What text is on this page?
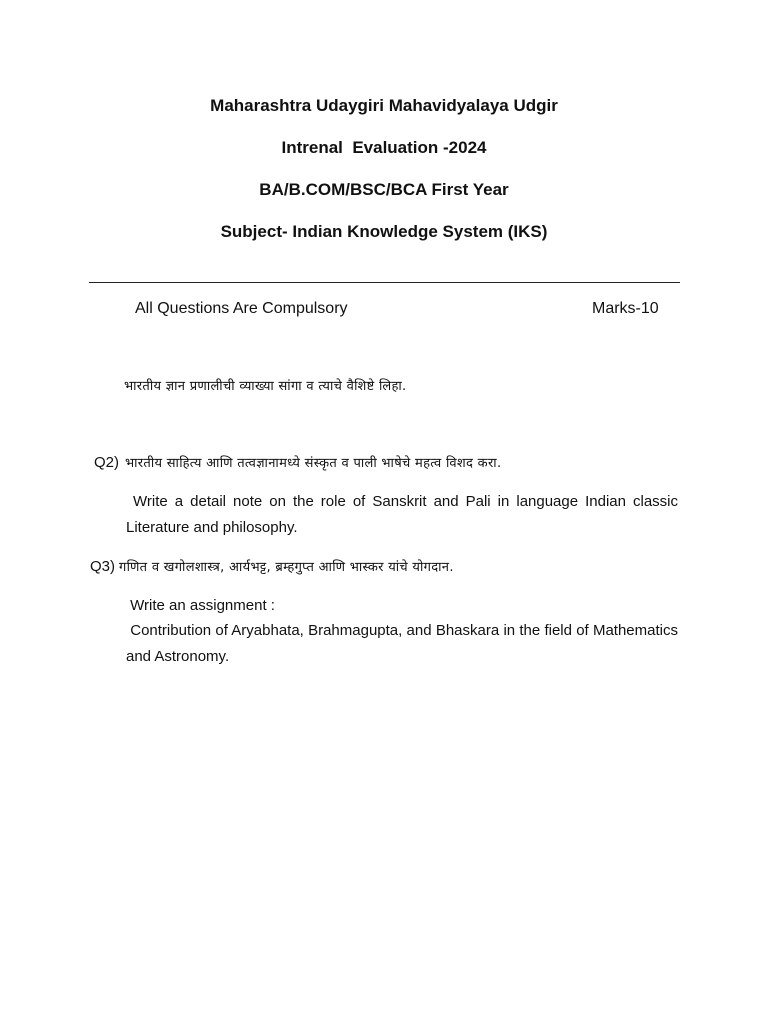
Maharashtra Udaygiri Mahavidyalaya Udgir
Intrenal  Evaluation -2024
BA/B.COM/BSC/BCA First Year
Subject- Indian Knowledge System (IKS)
All Questions Are Compulsory	Marks-10
भारतीय ज्ञान प्रणालीची व्याख्या सांगा व त्याचे वैशिष्टे लिहा.
Q2) भारतीय साहित्य आणि तत्वज्ञानामध्ये संस्कृत व पाली भाषेचे महत्व विशद करा.
Write a detail note on the role of Sanskrit and Pali in language Indian classic Literature and philosophy.
Q3) गणित व खगोलशास्त्र, आर्यभट्ट, ब्रम्हगुप्त आणि भास्कर यांचे योगदान.
Write an assignment :
Contribution of Aryabhata, Brahmagupta, and Bhaskara in the field of Mathematics and Astronomy.
